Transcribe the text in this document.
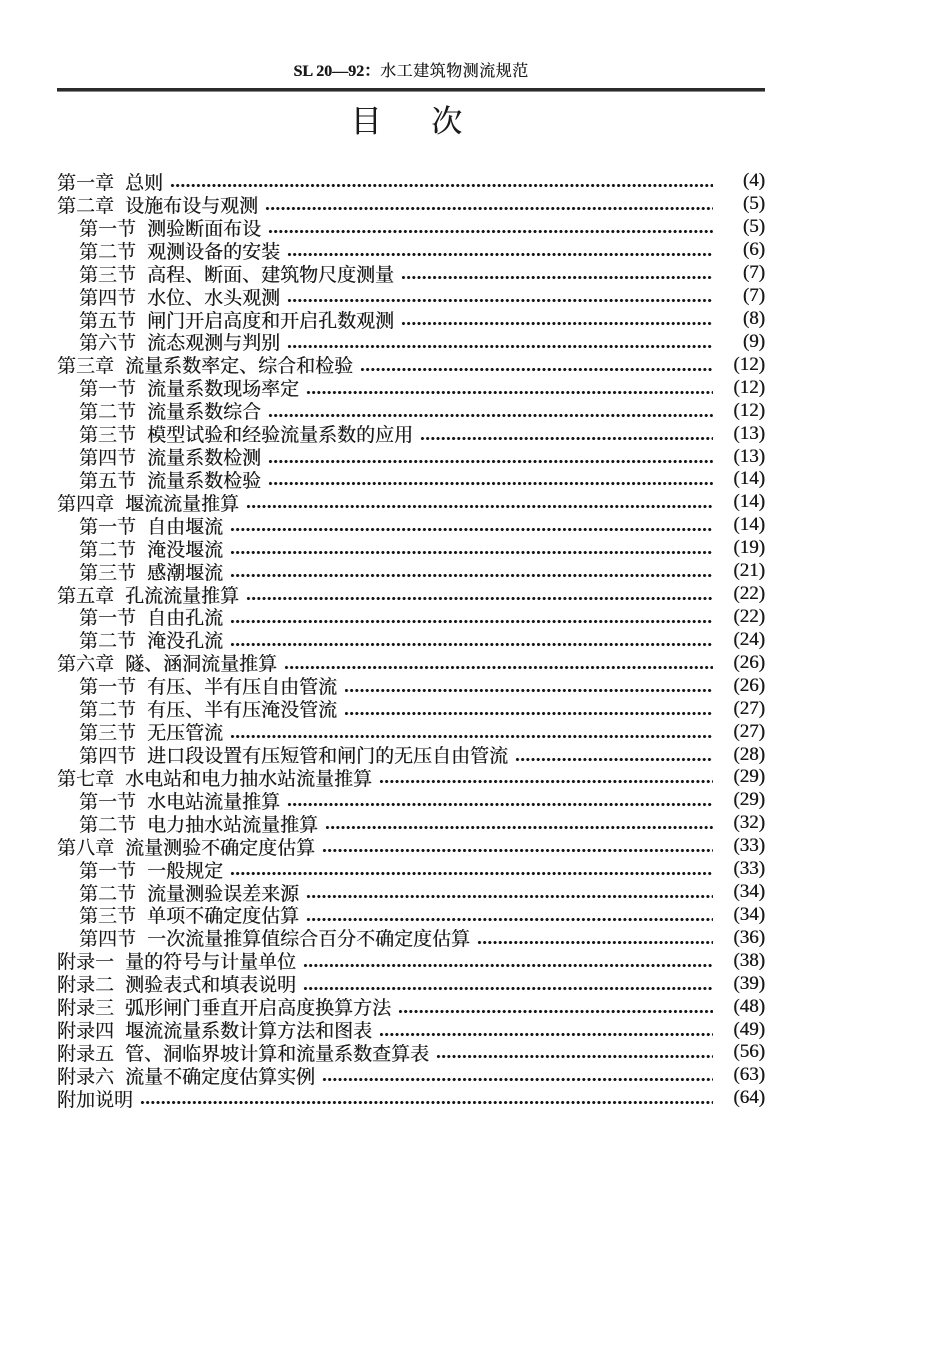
SL 20—92：水工建筑物测流规范
目　次
第一章 总则	(4)
第二章 设施布设与观测	(5)
第一节 测验断面布设	(5)
第二节 观测设备的安装	(6)
第三节 高程、断面、建筑物尺度测量	(7)
第四节 水位、水头观测	(7)
第五节 闸门开启高度和开启孔数观测	(8)
第六节 流态观测与判别	(9)
第三章 流量系数率定、综合和检验	(12)
第一节 流量系数现场率定	(12)
第二节 流量系数综合	(12)
第三节 模型试验和经验流量系数的应用	(13)
第四节 流量系数检测	(13)
第五节 流量系数检验	(14)
第四章 堰流流量推算	(14)
第一节 自由堰流	(14)
第二节 淹没堰流	(19)
第三节 感潮堰流	(21)
第五章 孔流流量推算	(22)
第一节 自由孔流	(22)
第二节 淹没孔流	(24)
第六章 隧、涵洞流量推算	(26)
第一节 有压、半有压自由管流	(26)
第二节 有压、半有压淹没管流	(27)
第三节 无压管流	(27)
第四节 进口段设置有压短管和闸门的无压自由管流	(28)
第七章 水电站和电力抽水站流量推算	(29)
第一节 水电站流量推算	(29)
第二节 电力抽水站流量推算	(32)
第八章 流量测验不确定度估算	(33)
第一节 一般规定	(33)
第二节 流量测验误差来源	(34)
第三节 单项不确定度估算	(34)
第四节 一次流量推算值综合百分不确定度估算	(36)
附录一 量的符号与计量单位	(38)
附录二 测验表式和填表说明	(39)
附录三 弧形闸门垂直开启高度换算方法	(48)
附录四 堰流流量系数计算方法和图表	(49)
附录五 管、洞临界坡计算和流量系数查算表	(56)
附录六 流量不确定度估算实例	(63)
附加说明	(64)
